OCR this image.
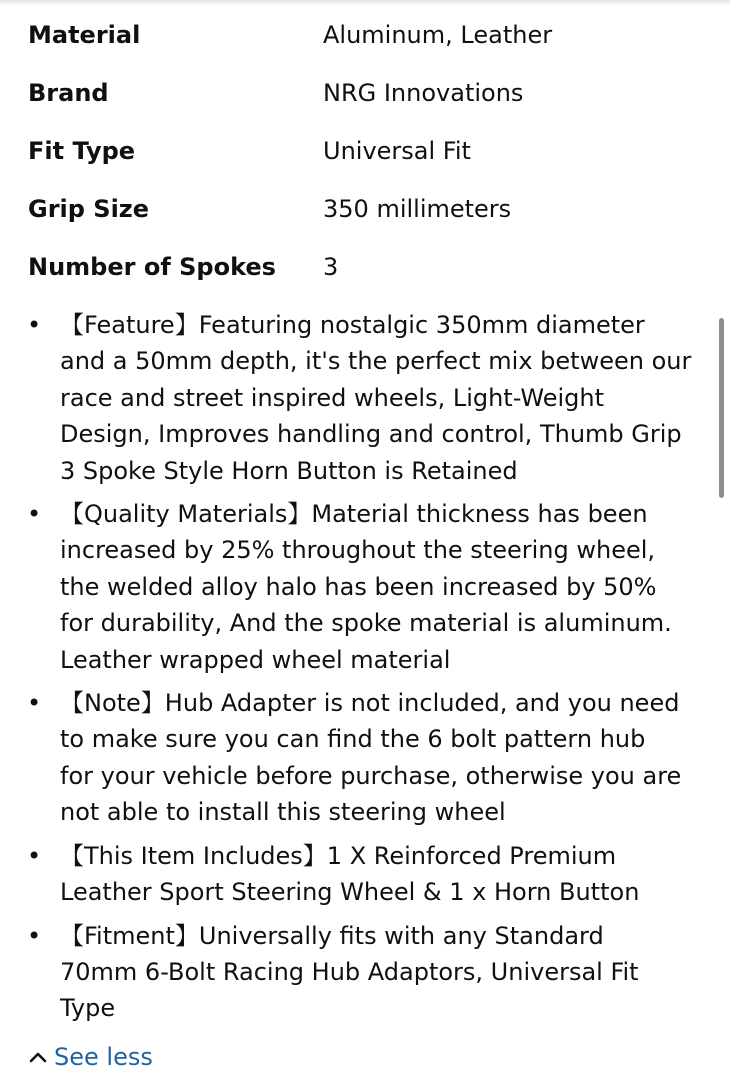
Material	Aluminum, Leather
Brand	NRG Innovations
Fit Type	Universal Fit
Grip Size	350 millimeters
Number of Spokes	3
• 【Feature】Featuring nostalgic 350mm diameter
and a 50mm depth, it's the perfect mix between our
race and street inspired wheels, Light-Weight
Design, Improves handling and control, Thumb Grip
3 Spoke Style Horn Button is Retained
• 【Quality Materials】Material thickness has been
increased by 25% throughout the steering wheel,
the welded alloy halo has been increased by 50%
for durability, And the spoke material is aluminum.
Leather wrapped wheel material
• 【Note】Hub Adapter is not included, and you need
to make sure you can find the 6 bolt pattern hub
for your vehicle before purchase, otherwise you are
not able to install this steering wheel
• 【This Item Includes】1 X Reinforced Premium
Leather Sport Steering Wheel & 1 x Horn Button
• 【Fitment】Universally fits with any Standard
70mm 6-Bolt Racing Hub Adaptors, Universal Fit
Type
See less
